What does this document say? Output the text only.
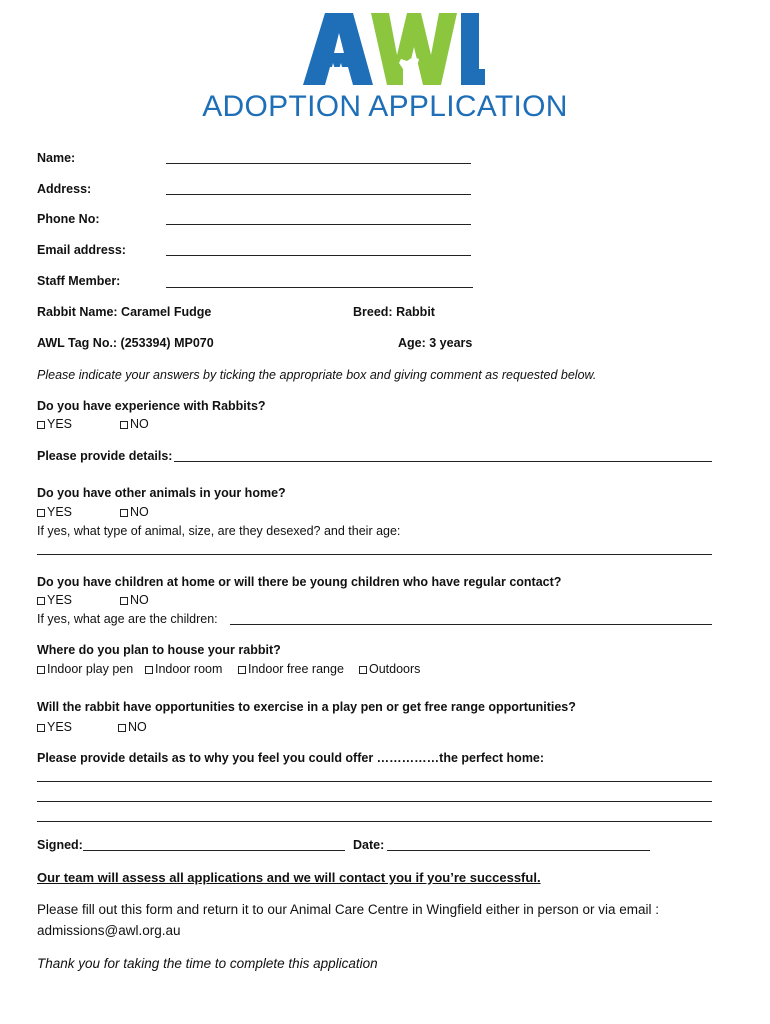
ADOPTION APPLICATION
Name:
Address:
Phone No:
Email address:
Staff Member:
Rabbit Name: Caramel Fudge	Breed: Rabbit
AWL Tag No.: (253394) MP070	Age: 3 years
Please indicate your answers by ticking the appropriate box and giving comment as requested below.
Do you have experience with Rabbits?
YES	NO
Please provide details:
Do you have other animals in your home?
YES	NO
If yes, what type of animal, size, are they desexed? and their age:
Do you have children at home or will there be young children who have regular contact?
YES	NO
If yes, what age are the children:
Where do you plan to house your rabbit?
Indoor play pen	Indoor room	Indoor free range	Outdoors
Will the rabbit have opportunities to exercise in a play pen or get free range opportunities?
YES	NO
Please provide details as to why you feel you could offer ……………the perfect home:
Signed:	Date:
Our team will assess all applications and we will contact you if you’re successful.
Please fill out this form and return it to our Animal Care Centre in Wingfield either in person or via email :
admissions@awl.org.au
Thank you for taking the time to complete this application
